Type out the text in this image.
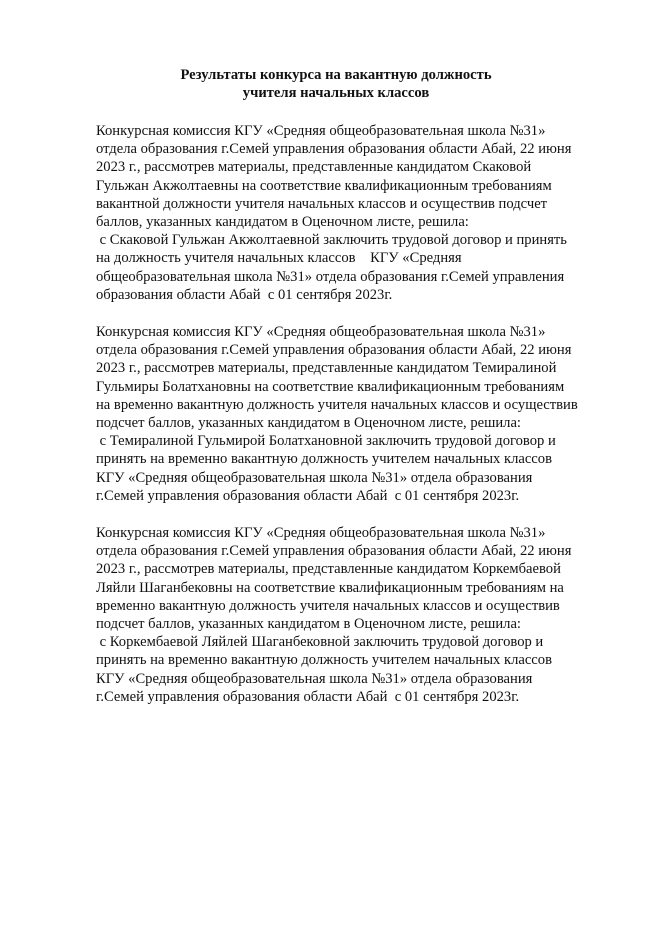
Результаты конкурса на вакантную должность
учителя начальных классов
Конкурсная комиссия КГУ «Средняя общеобразовательная школа №31»
отдела образования г.Семей управления образования области Абай, 22 июня
2023 г., рассмотрев материалы, представленные кандидатом Скаковой
Гульжан Акжолтаевны на соответствие квалификационным требованиям
вакантной должности учителя начальных классов и осуществив подсчет
баллов, указанных кандидатом в Оценочном листе, решила:
с Скаковой Гульжан Акжолтаевной заключить трудовой договор и принять
на должность учителя начальных классов    КГУ «Средняя
общеобразовательная школа №31» отдела образования г.Семей управления
образования области Абай  с 01 сентября 2023г.
Конкурсная комиссия КГУ «Средняя общеобразовательная школа №31»
отдела образования г.Семей управления образования области Абай, 22 июня
2023 г., рассмотрев материалы, представленные кандидатом Темиралиной
Гульмиры Болатхановны на соответствие квалификационным требованиям
на временно вакантную должность учителя начальных классов и осуществив
подсчет баллов, указанных кандидатом в Оценочном листе, решила:
с Темиралиной Гульмирой Болатхановной заключить трудовой договор и
принять на временно вакантную должность учителем начальных классов
КГУ «Средняя общеобразовательная школа №31» отдела образования
г.Семей управления образования области Абай  с 01 сентября 2023г.
Конкурсная комиссия КГУ «Средняя общеобразовательная школа №31»
отдела образования г.Семей управления образования области Абай, 22 июня
2023 г., рассмотрев материалы, представленные кандидатом Коркембаевой
Ляйли Шаганбековны на соответствие квалификационным требованиям на
временно вакантную должность учителя начальных классов и осуществив
подсчет баллов, указанных кандидатом в Оценочном листе, решила:
с Коркембаевой Ляйлей Шаганбековной заключить трудовой договор и
принять на временно вакантную должность учителем начальных классов
КГУ «Средняя общеобразовательная школа №31» отдела образования
г.Семей управления образования области Абай  с 01 сентября 2023г.
